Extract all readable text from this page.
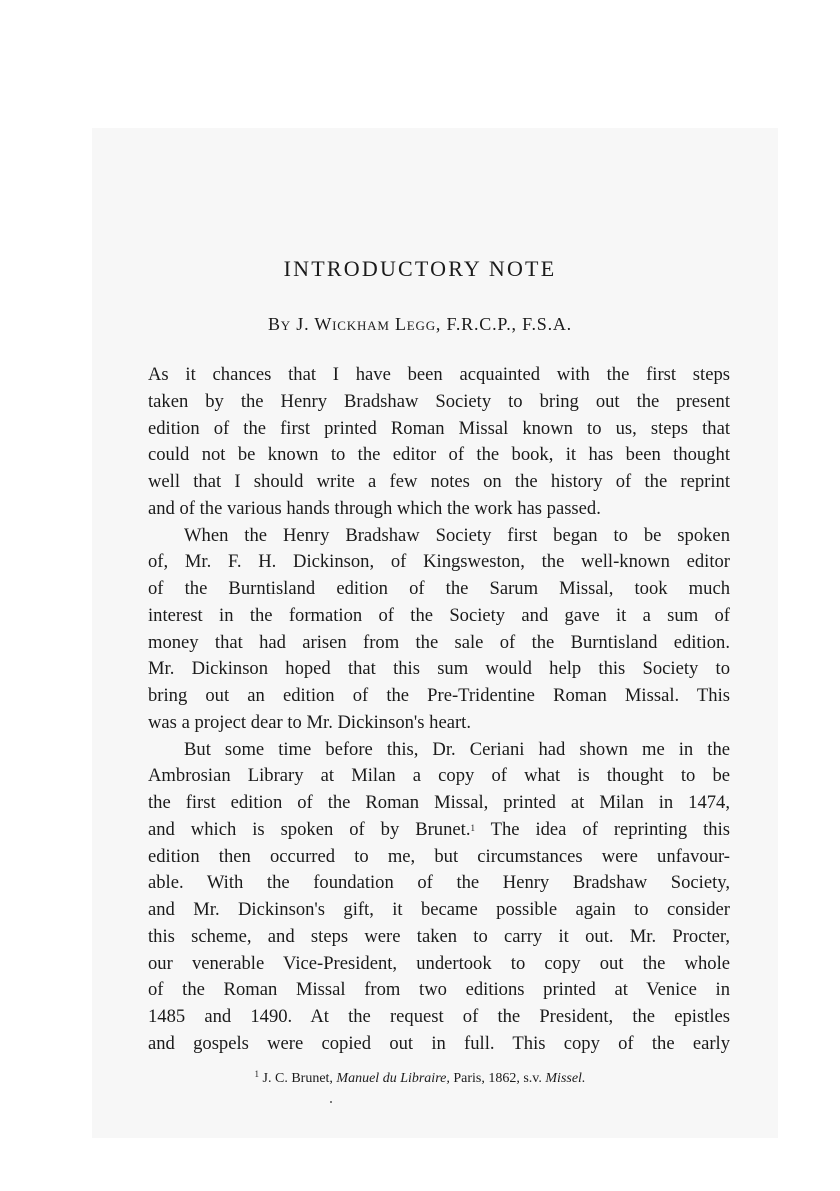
INTRODUCTORY NOTE
By J. Wickham Legg, F.R.C.P., F.S.A.
As it chances that I have been acquainted with the first steps
taken by the Henry Bradshaw Society to bring out the present
edition of the first printed Roman Missal known to us, steps that
could not be known to the editor of the book, it has been thought
well that I should write a few notes on the history of the reprint
and of the various hands through which the work has passed.
When the Henry Bradshaw Society first began to be spoken
of, Mr. F. H. Dickinson, of Kingsweston, the well-known editor
of the Burntisland edition of the Sarum Missal, took much
interest in the formation of the Society and gave it a sum of
money that had arisen from the sale of the Burntisland edition.
Mr. Dickinson hoped that this sum would help this Society to
bring out an edition of the Pre-Tridentine Roman Missal. This
was a project dear to Mr. Dickinson's heart.
But some time before this, Dr. Ceriani had shown me in the
Ambrosian Library at Milan a copy of what is thought to be
the first edition of the Roman Missal, printed at Milan in 1474,
and which is spoken of by Brunet.$^1$ The idea of reprinting this
edition then occurred to me, but circumstances were unfavour-
able. With the foundation of the Henry Bradshaw Society,
and Mr. Dickinson's gift, it became possible again to consider
this scheme, and steps were taken to carry it out. Mr. Procter,
our venerable Vice-President, undertook to copy out the whole
of the Roman Missal from two editions printed at Venice in
1485 and 1490. At the request of the President, the epistles
and gospels were copied out in full. This copy of the early
$^1$ J. C. Brunet, Manuel du Libraire, Paris, 1862, s.v. Missel.
